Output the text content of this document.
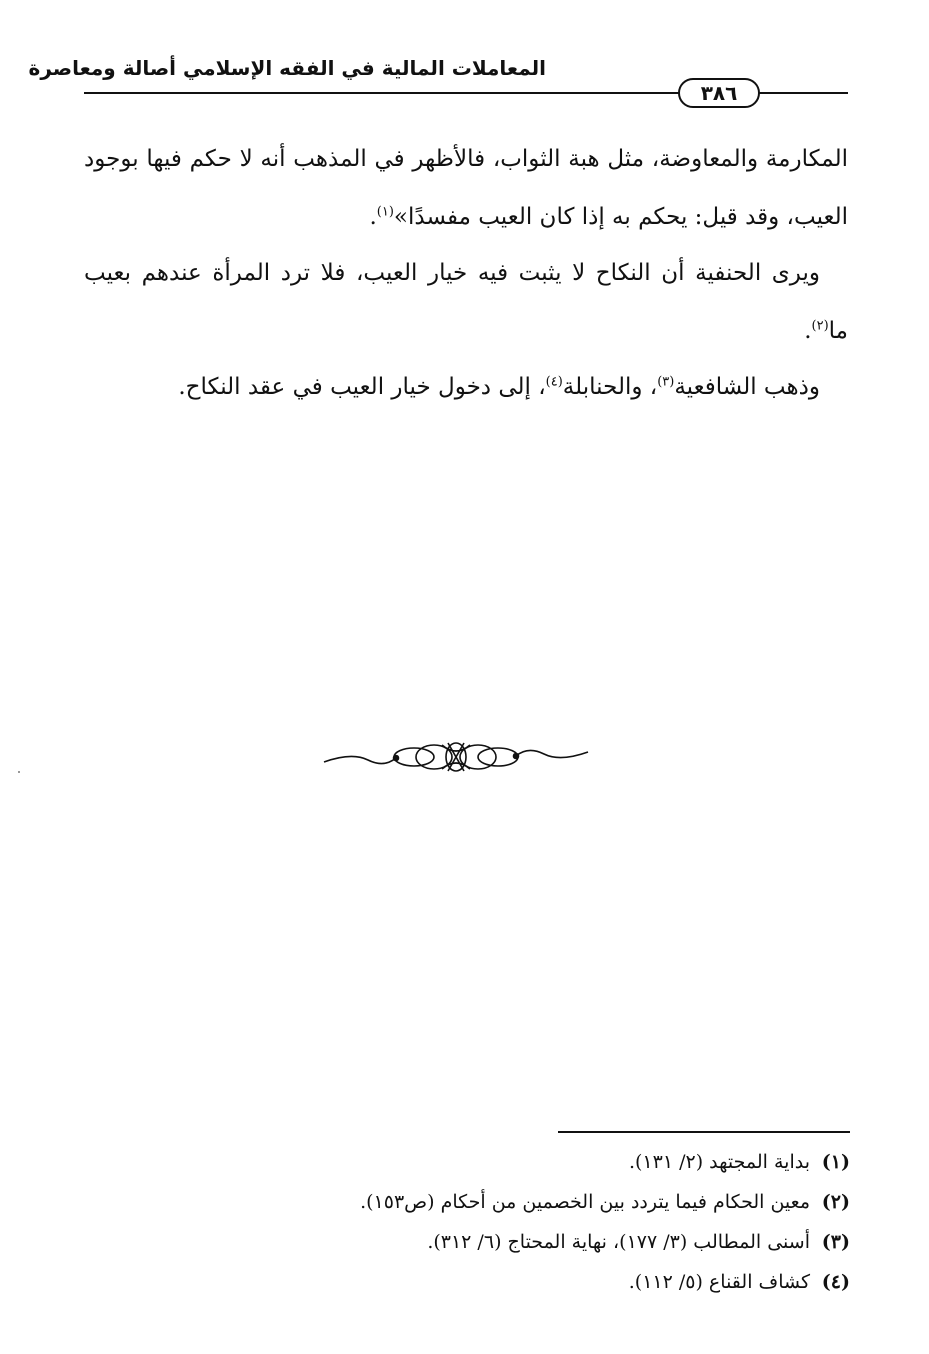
المعاملات المالية في الفقه الإسلامي أصالة ومعاصرة
٣٨٦

المكارمة والمعاوضة، مثل هبة الثواب، فالأظهر في المذهب أنه لا حكم فيها بوجود العيب، وقد قيل: يحكم به إذا كان العيب مفسدًا»$^{(١)}$.

ويرى الحنفية أن النكاح لا يثبت فيه خيار العيب، فلا ترد المرأة عندهم بعيب ما$^{(٢)}$.

وذهب الشافعية$^{(٣)}$، والحنابلة$^{(٤)}$، إلى دخول خيار العيب في عقد النكاح.

(١)بداية المجتهد (٢/ ١٣١).
(٢)معين الحكام فيما يتردد بين الخصمين من أحكام (ص١٥٣).
(٣)أسنى المطالب (٣/ ١٧٧)، نهاية المحتاج (٦/ ٣١٢).
(٤)كشاف القناع (٥/ ١١٢).
